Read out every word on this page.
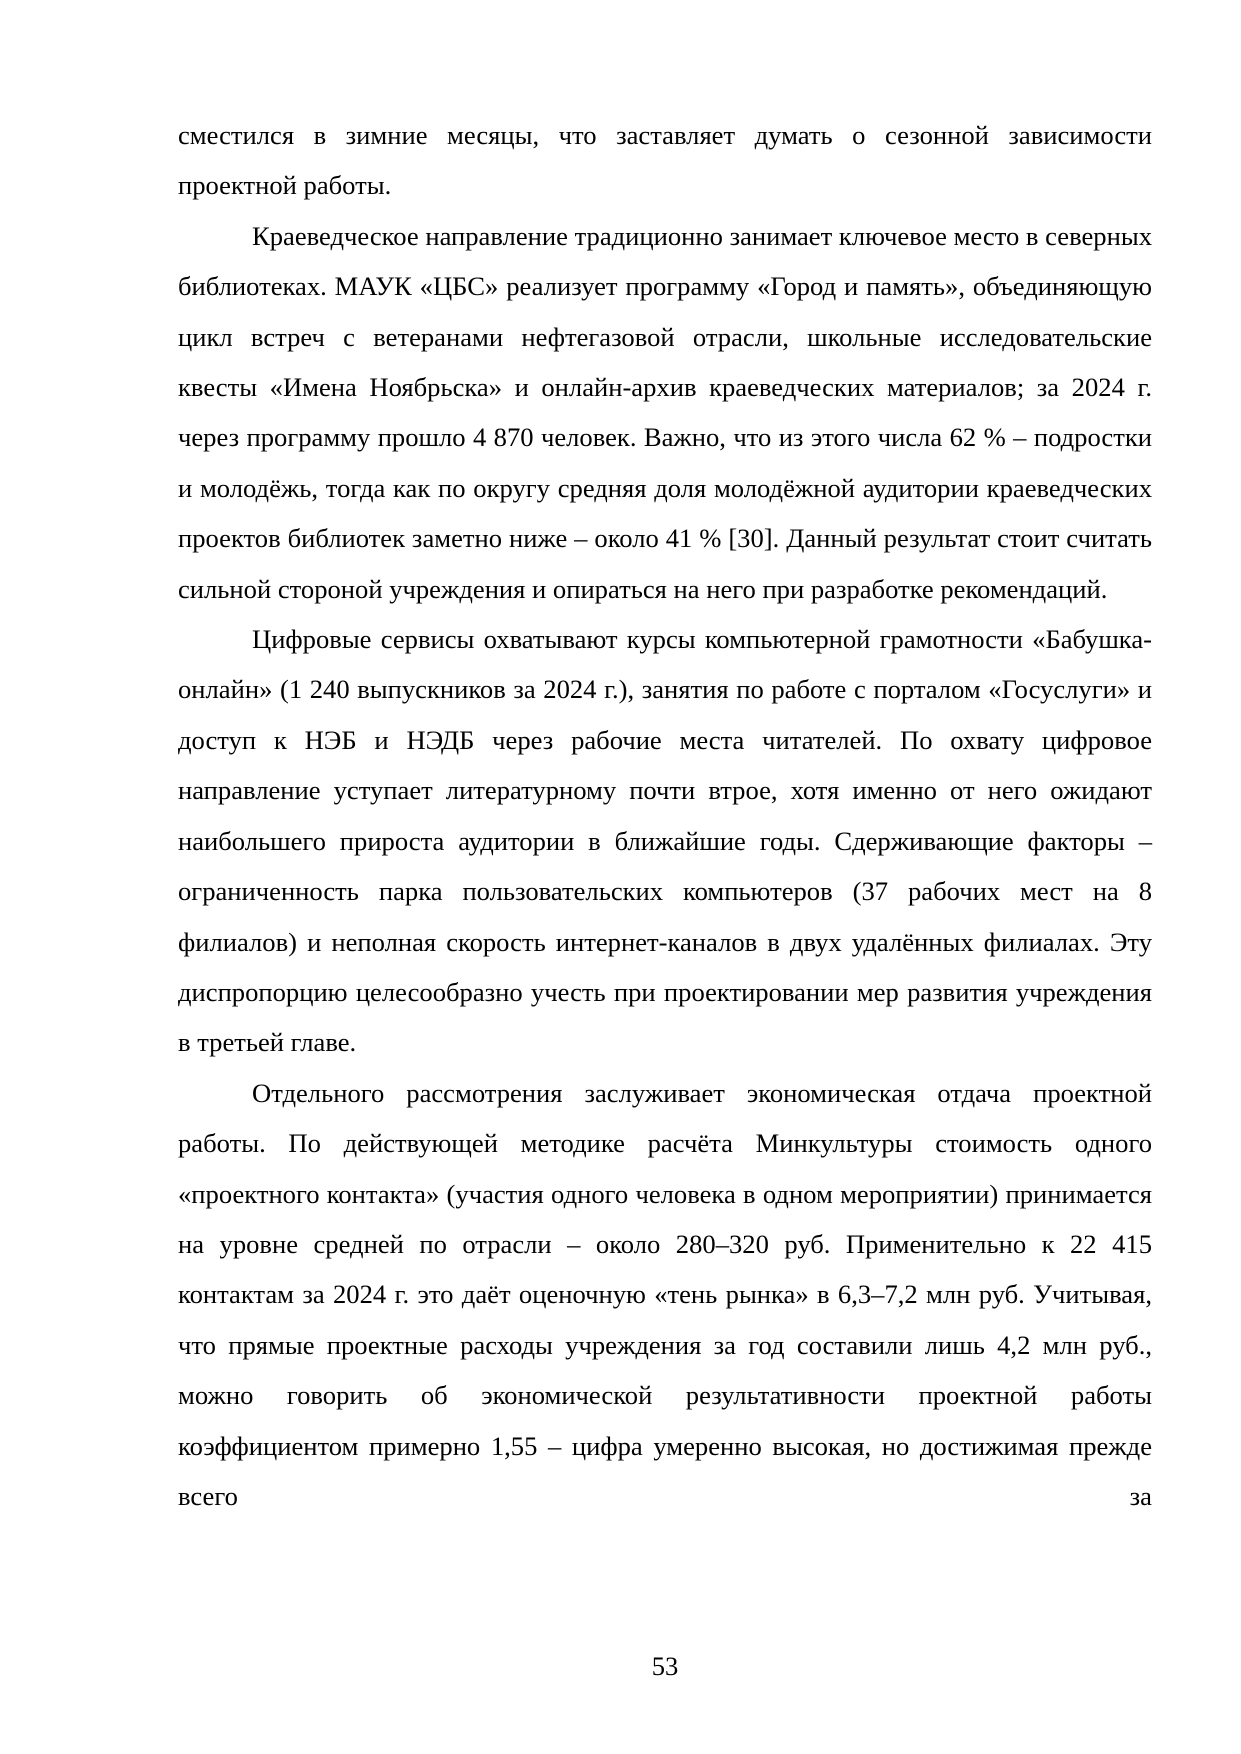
сместился в зимние месяцы, что заставляет думать о сезонной зависимости проектной работы.

Краеведческое направление традиционно занимает ключевое место в северных библиотеках. МАУК «ЦБС» реализует программу «Город и память», объединяющую цикл встреч с ветеранами нефтегазовой отрасли, школьные исследовательские квесты «Имена Ноябрьска» и онлайн-архив краеведческих материалов; за 2024 г. через программу прошло 4 870 человек. Важно, что из этого числа 62 % – подростки и молодёжь, тогда как по округу средняя доля молодёжной аудитории краеведческих проектов библиотек заметно ниже – около 41 % [30]. Данный результат стоит считать сильной стороной учреждения и опираться на него при разработке рекомендаций.

Цифровые сервисы охватывают курсы компьютерной грамотности «Бабушка-онлайн» (1 240 выпускников за 2024 г.), занятия по работе с порталом «Госуслуги» и доступ к НЭБ и НЭДБ через рабочие места читателей. По охвату цифровое направление уступает литературному почти втрое, хотя именно от него ожидают наибольшего прироста аудитории в ближайшие годы. Сдерживающие факторы – ограниченность парка пользовательских компьютеров (37 рабочих мест на 8 филиалов) и неполная скорость интернет-каналов в двух удалённых филиалах. Эту диспропорцию целесообразно учесть при проектировании мер развития учреждения в третьей главе.

Отдельного рассмотрения заслуживает экономическая отдача проектной работы. По действующей методике расчёта Минкультуры стоимость одного «проектного контакта» (участия одного человека в одном мероприятии) принимается на уровне средней по отрасли – около 280–320 руб. Применительно к 22 415 контактам за 2024 г. это даёт оценочную «тень рынка» в 6,3–7,2 млн руб. Учитывая, что прямые проектные расходы учреждения за год составили лишь 4,2 млн руб., можно говорить об экономической результативности проектной работы коэффициентом примерно 1,55 – цифра умеренно высокая, но достижимая прежде всего за

53
